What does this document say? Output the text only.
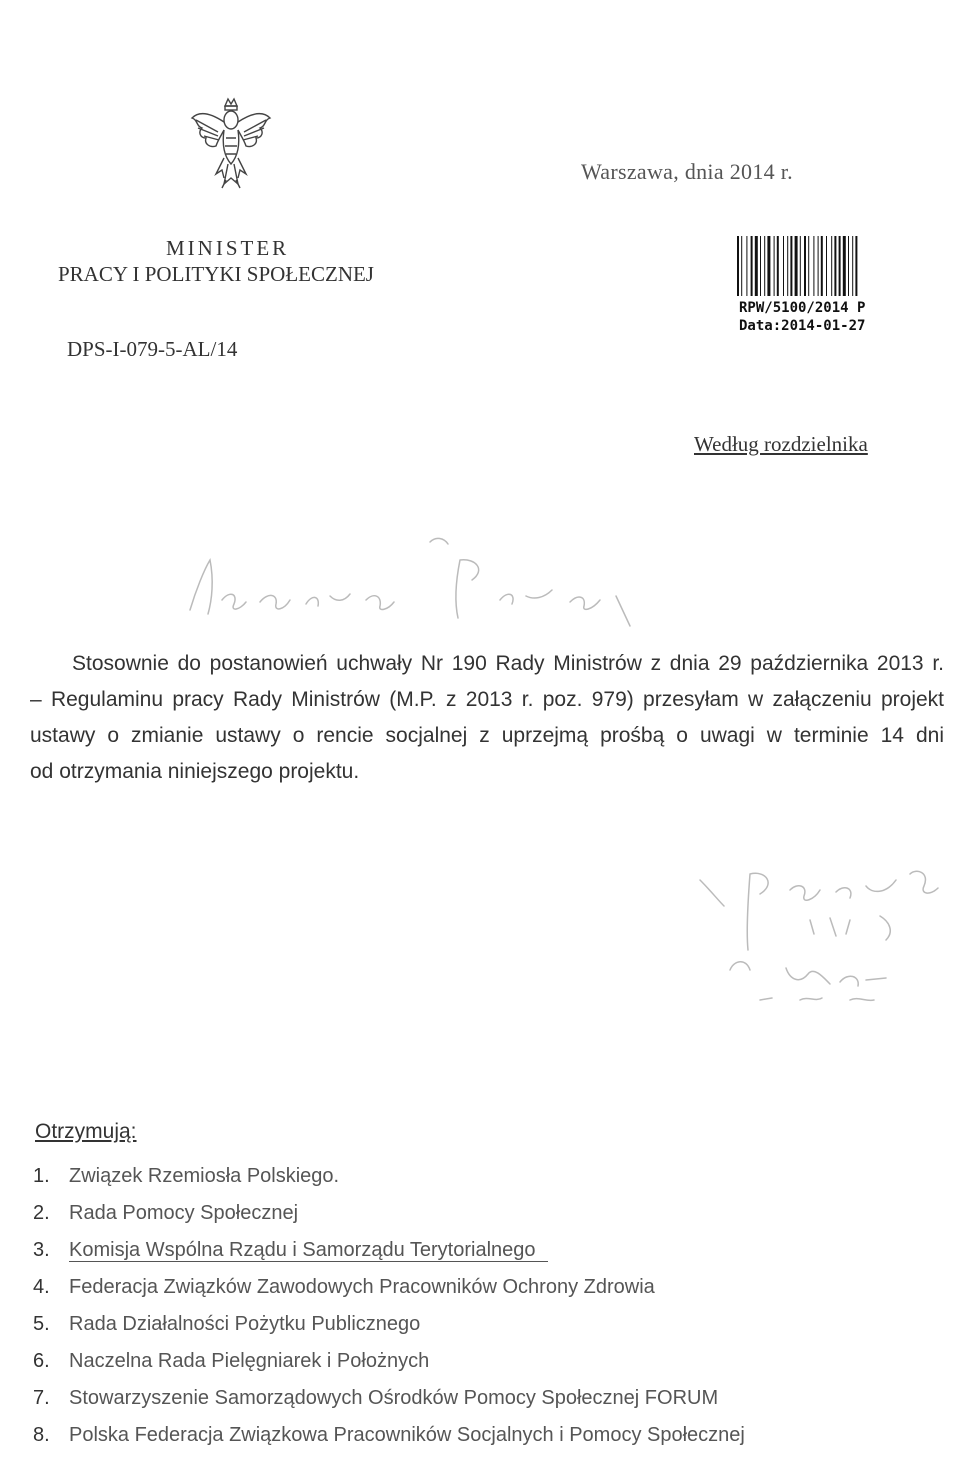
Warszawa, dnia 2014 r.
MINISTER
PRACY I POLITYKI SPOŁECZNEJ
DPS-I-079-5-AL/14
RPW/5100/2014 P
Data:2014-01-27
Według rozdzielnika

Stosownie do postanowień uchwały Nr 190 Rady Ministrów z dnia 29 października 2013 r.

– Regulaminu pracy Rady Ministrów (M.P. z 2013 r. poz. 979) przesyłam w załączeniu projekt

ustawy o zmianie ustawy o rencie socjalnej z uprzejmą prośbą o uwagi w terminie 14 dni

od otrzymania niniejszego projektu.

Otrzymują:
1. Związek Rzemiosła Polskiego.
2. Rada Pomocy Społecznej
3. Komisja Wspólna Rządu i Samorządu Terytorialnego
4. Federacja Związków Zawodowych Pracowników Ochrony Zdrowia
5. Rada Działalności Pożytku Publicznego
6. Naczelna Rada Pielęgniarek i Położnych
7. Stowarzyszenie Samorządowych Ośrodków Pomocy Społecznej FORUM
8. Polska Federacja Związkowa Pracowników Socjalnych i Pomocy Społecznej
